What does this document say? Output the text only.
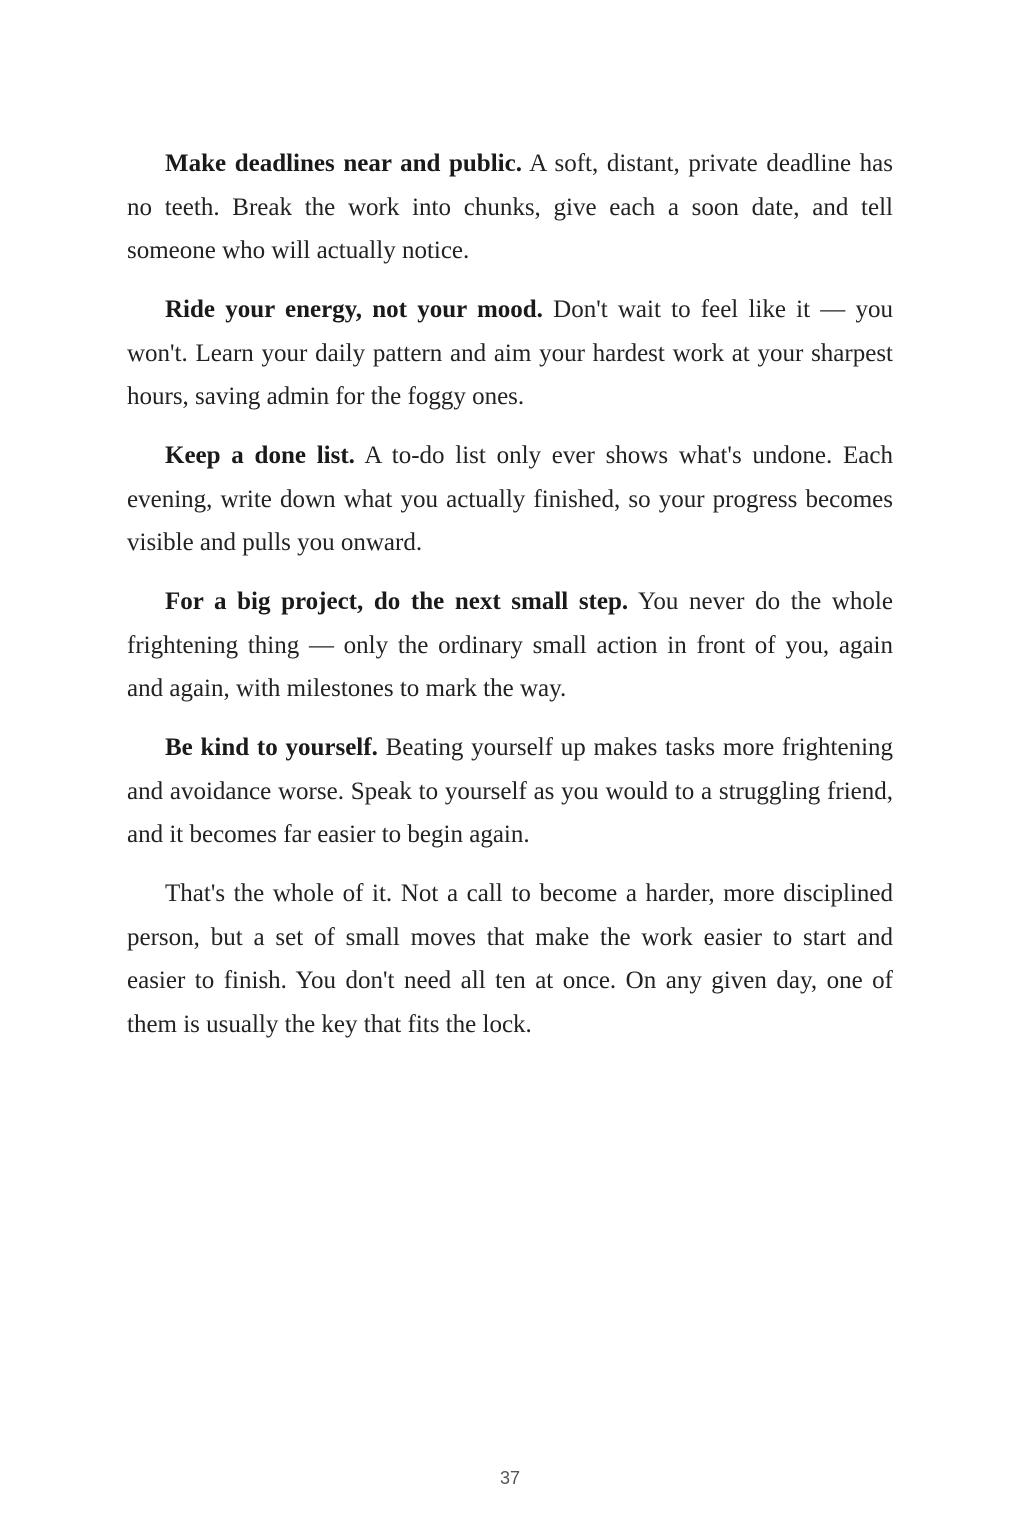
Make deadlines near and public. A soft, distant, private deadline has no teeth. Break the work into chunks, give each a soon date, and tell someone who will actually notice.

Ride your energy, not your mood. Don't wait to feel like it — you won't. Learn your daily pattern and aim your hardest work at your sharpest hours, saving admin for the foggy ones.

Keep a done list. A to-do list only ever shows what's undone. Each evening, write down what you actually finished, so your progress becomes visible and pulls you onward.

For a big project, do the next small step. You never do the whole frightening thing — only the ordinary small action in front of you, again and again, with milestones to mark the way.

Be kind to yourself. Beating yourself up makes tasks more frightening and avoidance worse. Speak to yourself as you would to a struggling friend, and it becomes far easier to begin again.

That's the whole of it. Not a call to become a harder, more disciplined person, but a set of small moves that make the work easier to start and easier to finish. You don't need all ten at once. On any given day, one of them is usually the key that fits the lock.

37
